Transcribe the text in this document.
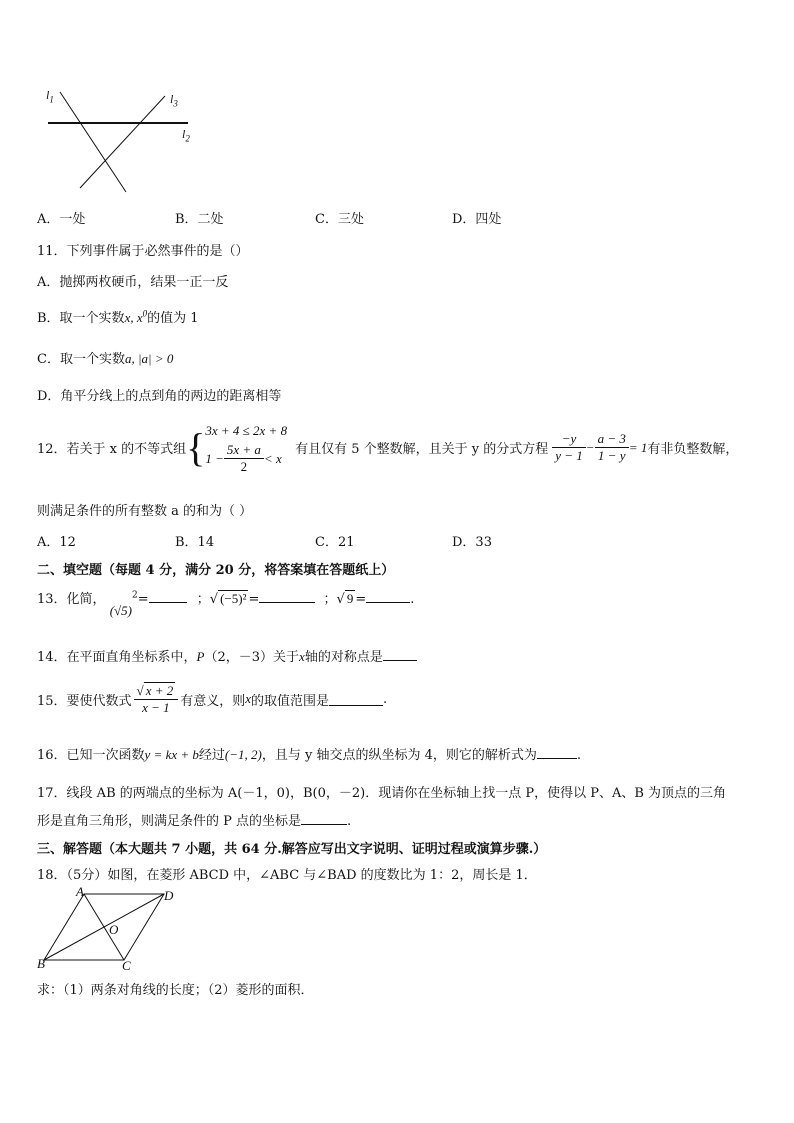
$l_1$	$l_3$
$l_2$
A．一处	B．二处	C．三处	D．四处
11．下列事件属于必然事件的是（）
A．抛掷两枚硬币，结果一正一反
B．取一个实数x, $x^0$的值为 1
C．取一个实数a, |a| > 0
D．角平分线上的点到角的两边的距离相等
12．若关于 x 的不等式组 { 3x + 4 ≤ 2x + 8
$1 - \frac{5x + a}{2} < x$
有且仅有 5 个整数解，且关于 y 的分式方程 $\frac{-y}{y - 1} - \frac{a - 3}{1 - y} = 1$ 有非负整数解，
则满足条件的所有整数 a 的和为（ ）
A．12	B．14	C．21	D．33
二、填空题（每题 4 分，满分 20 分，将答案填在答题纸上）
13．化简， $(√5)^2=$	；√ (−5)² =	；√ 9 =	.
14．在平面直角坐标系中，P（2，－3）关于x轴的对称点是
15．要使代数式 $\frac{√ x + 2}{x - 1}$ 有意义，则 x 的取值范围是	.
16．已知一次函数y = kx + b经过(−1, 2)，且与 y 轴交点的纵坐标为 4，则它的解析式为	.
17．线段 AB 的两端点的坐标为 A(－1，0)，B(0，－2)．现请你在坐标轴上找一点 P，使得以 P、A、B 为顶点的三角
形是直角三角形，则满足条件的 P 点的坐标是	.
三、解答题（本大题共 7 小题，共 64 分.解答应写出文字说明、证明过程或演算步骤.）
18．（5分）如图，在菱形 ABCD 中，∠ABC 与∠BAD 的度数比为 1：2，周长是 1．
A	D
O
B	C
求：（1）两条对角线的长度；（2）菱形的面积．
